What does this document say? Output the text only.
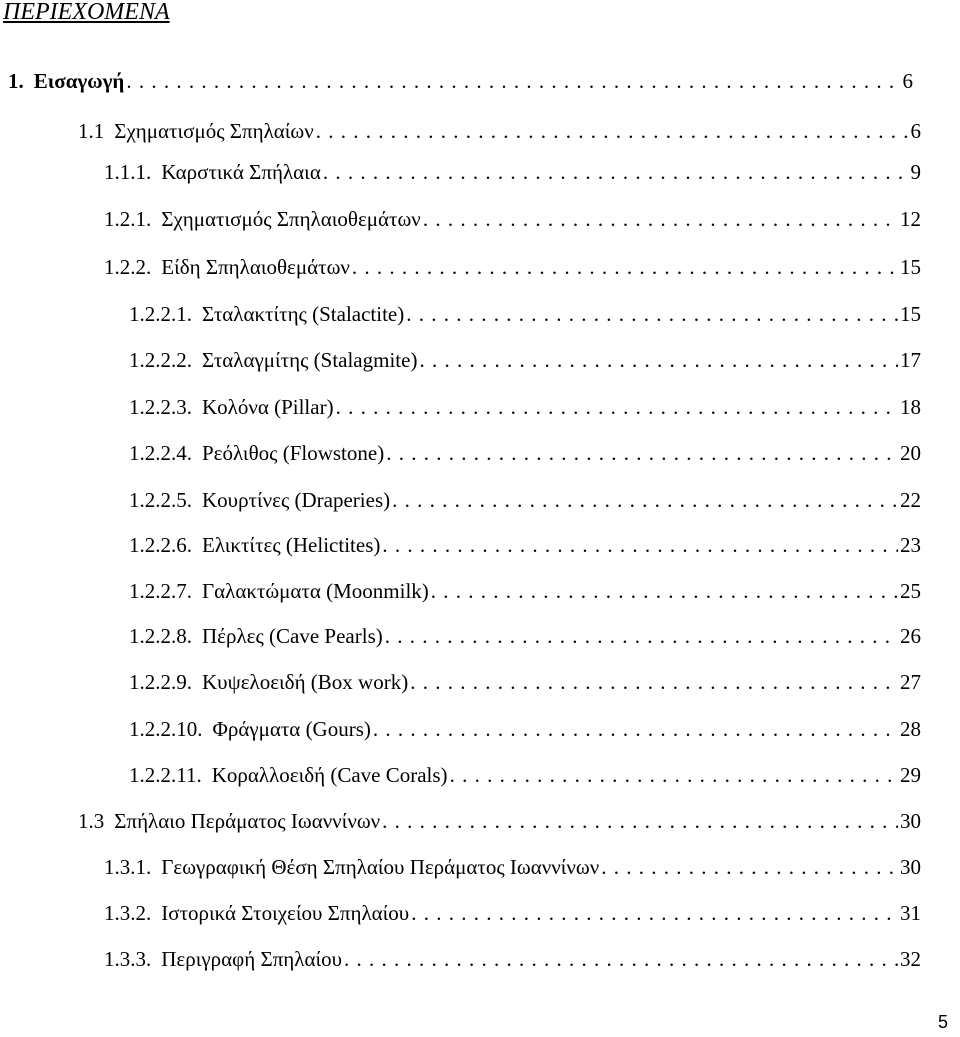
ΠΕΡΙΕΧΟΜΕΝΑ
1. Εισαγωγή . . .	6
1.1 Σχηματισμός Σπηλαίων . . .	6
1.1.1. Καρστικά Σπήλαια . . .	9
1.2.1. Σχηματισμός Σπηλαιοθεμάτων . . .	12
1.2.2. Είδη Σπηλαιοθεμάτων . . .	15
1.2.2.1. Σταλακτίτης (Stalactite) . . .	15
1.2.2.2. Σταλαγμίτης (Stalagmite) . . .	17
1.2.2.3. Κολόνα (Pillar) . . .	18
1.2.2.4. Ρεόλιθος (Flowstone) . . .	20
1.2.2.5. Κουρτίνες (Draperies) . . .	22
1.2.2.6. Ελικτίτες (Helictites) . . .	23
1.2.2.7. Γαλακτώματα (Moonmilk) . . .	25
1.2.2.8. Πέρλες (Cave Pearls) . . .	26
1.2.2.9. Κυψελοειδή (Box work) . . .	27
1.2.2.10. Φράγματα (Gours) . . .	28
1.2.2.11. Κοραλλοειδή (Cave Corals) . . .	29
1.3 Σπήλαιο Περάματος Ιωαννίνων . . .	30
1.3.1. Γεωγραφική Θέση Σπηλαίου Περάματος Ιωαννίνων . . .	30
1.3.2. Ιστορικά Στοιχείου Σπηλαίου . . .	31
1.3.3. Περιγραφή Σπηλαίου . . .	32
5
